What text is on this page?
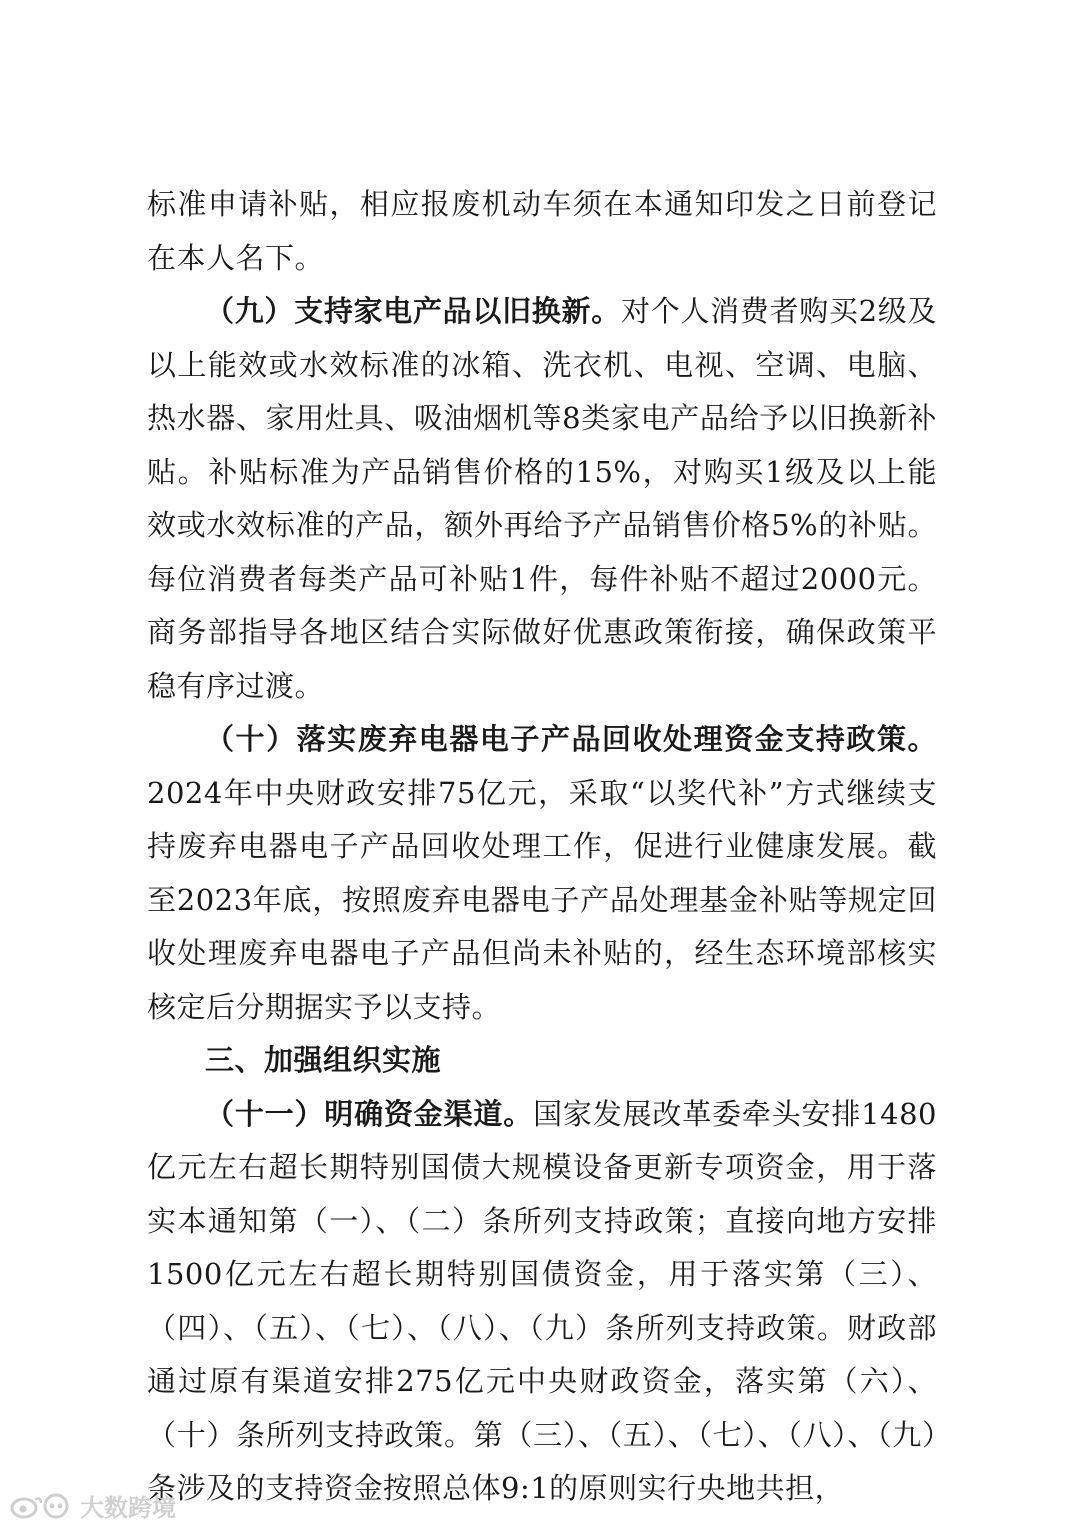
标准申请补贴，相应报废机动车须在本通知印发之日前登记在本人名下。

（九）支持家电产品以旧换新。对个人消费者购买2级及以上能效或水效标准的冰箱、洗衣机、电视、空调、电脑、热水器、家用灶具、吸油烟机等8类家电产品给予以旧换新补贴。补贴标准为产品销售价格的15%，对购买1级及以上能效或水效标准的产品，额外再给予产品销售价格5%的补贴。每位消费者每类产品可补贴1件，每件补贴不超过2000元。商务部指导各地区结合实际做好优惠政策衔接，确保政策平稳有序过渡。

（十）落实废弃电器电子产品回收处理资金支持政策。2024年中央财政安排75亿元，采取“以奖代补”方式继续支持废弃电器电子产品回收处理工作，促进行业健康发展。截至2023年底，按照废弃电器电子产品处理基金补贴等规定回收处理废弃电器电子产品但尚未补贴的，经生态环境部核实核定后分期据实予以支持。

三、加强组织实施

（十一）明确资金渠道。国家发展改革委牵头安排1480亿元左右超长期特别国债大规模设备更新专项资金，用于落实本通知第（一）、（二）条所列支持政策；直接向地方安排1500亿元左右超长期特别国债资金，用于落实第（三）、（四）、（五）、（七）、（八）、（九）条所列支持政策。财政部通过原有渠道安排275亿元中央财政资金，落实第（六）、（十）条所列支持政策。第（三）、（五）、（七）、（八）、（九）条涉及的支持资金按照总体9:1的原则实行央地共担，

大数跨境
